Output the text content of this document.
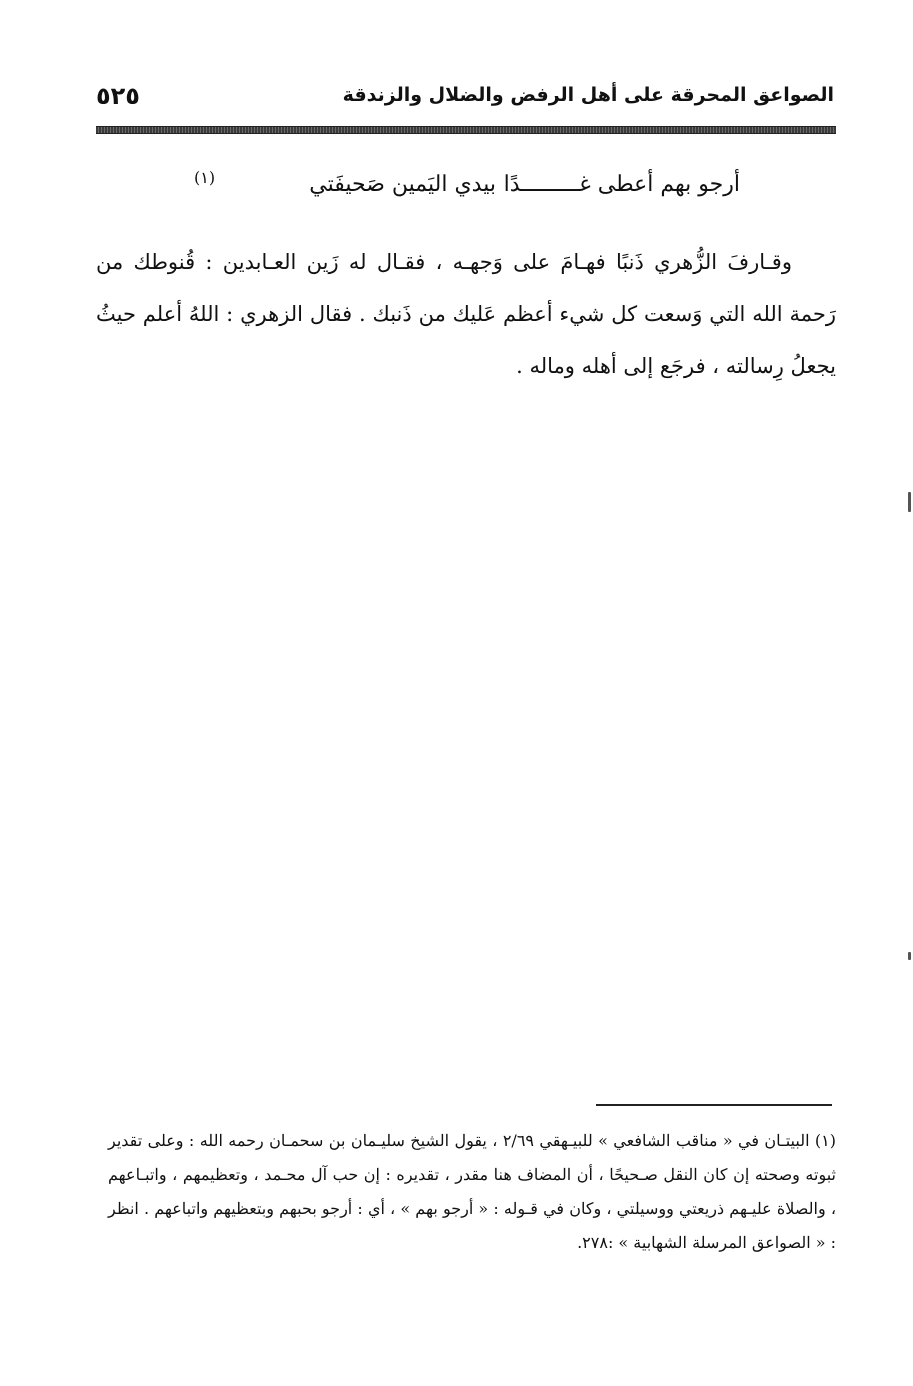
الصواعق المحرقة على أهل الرفض والضلال والزندقة
٥٢٥
أرجو بهم أعطى غـــــــــدًا
بيدي اليَمين صَحيفَتي
(١)

وقـارفَ الزُّهري ذَنبًا فهـامَ على وَجهـه ، فقـال له زَين العـابدين : قُنوطك من رَحمة الله التي وَسعت كل شيء أعظم عَليك من ذَنبك . فقال الزهري : اللهُ أعلم حيثُ يجعلُ رِسالته ، فرجَع إلى أهله وماله .

(١) البيتـان في « مناقب الشافعي » للبيـهقي ٢/٦٩ ، يقول الشيخ سليـمان بن سحمـان رحمه الله : وعلى تقدير ثبوته وصحته إن كان النقل صـحيحًا ، أن المضاف هنا مقدر ، تقديره : إن حب آل محـمد ، وتعظيمهم ، واتبـاعهم ، والصلاة عليـهم ذريعتي ووسيلتي ، وكان في قـوله : « أرجو بهم » ، أي : أرجو بحبهم وبتعظيهم واتباعهم . انظر : « الصواعق المرسلة الشهابية » :٢٧٨.
